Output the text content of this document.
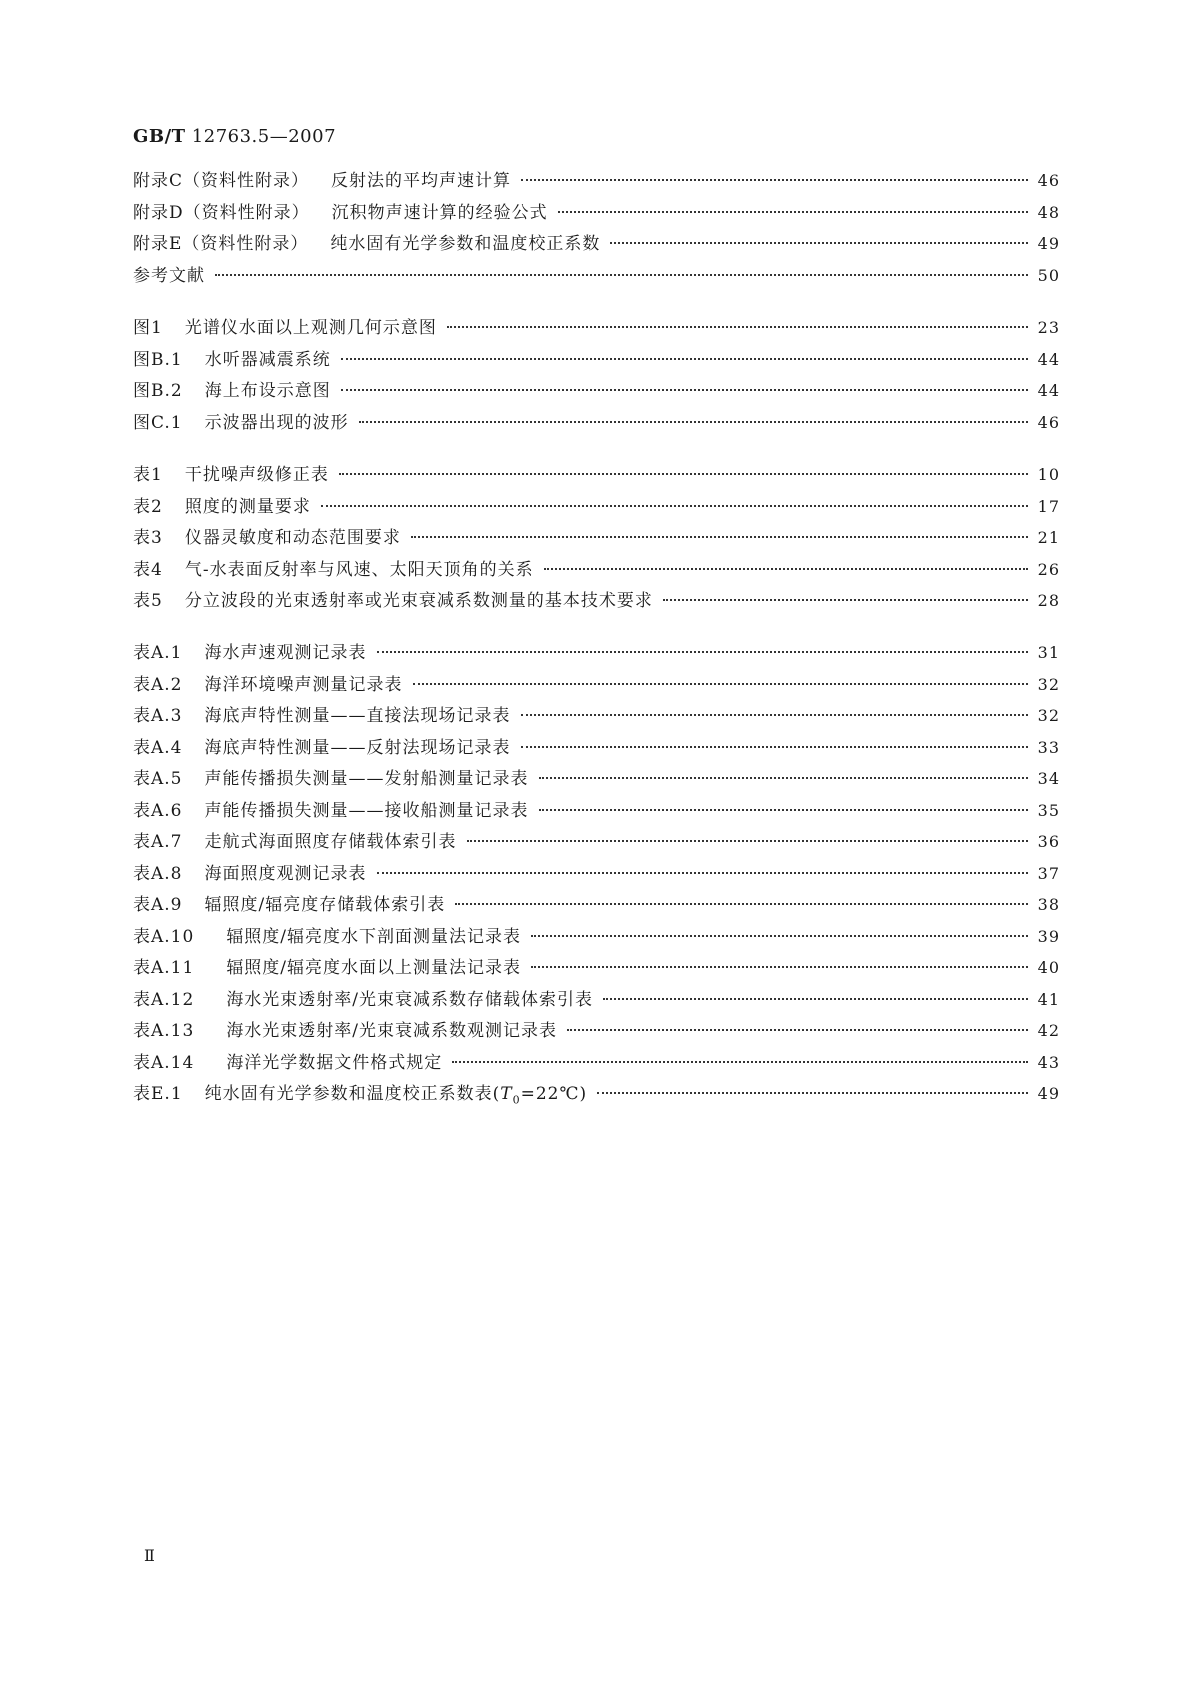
GB/T 12763.5—2007
附录C（资料性附录） 反射法的平均声速计算	46
附录D（资料性附录） 沉积物声速计算的经验公式	48
附录E（资料性附录） 纯水固有光学参数和温度校正系数	49
参考文献	50
图1 光谱仪水面以上观测几何示意图	23
图B.1 水听器减震系统	44
图B.2 海上布设示意图	44
图C.1 示波器出现的波形	46
表1 干扰噪声级修正表	10
表2 照度的测量要求	17
表3 仪器灵敏度和动态范围要求	21
表4 气-水表面反射率与风速、太阳天顶角的关系	26
表5 分立波段的光束透射率或光束衰减系数测量的基本技术要求	28
表A.1 海水声速观测记录表	31
表A.2 海洋环境噪声测量记录表	32
表A.3 海底声特性测量——直接法现场记录表	32
表A.4 海底声特性测量——反射法现场记录表	33
表A.5 声能传播损失测量——发射船测量记录表	34
表A.6 声能传播损失测量——接收船测量记录表	35
表A.7 走航式海面照度存储载体索引表	36
表A.8 海面照度观测记录表	37
表A.9 辐照度/辐亮度存储载体索引表	38
表A.10 辐照度/辐亮度水下剖面测量法记录表	39
表A.11 辐照度/辐亮度水面以上测量法记录表	40
表A.12 海水光束透射率/光束衰减系数存储载体索引表	41
表A.13 海水光束透射率/光束衰减系数观测记录表	42
表A.14 海洋光学数据文件格式规定	43
表E.1 纯水固有光学参数和温度校正系数表$(T_0=22℃)$	49
Ⅱ
